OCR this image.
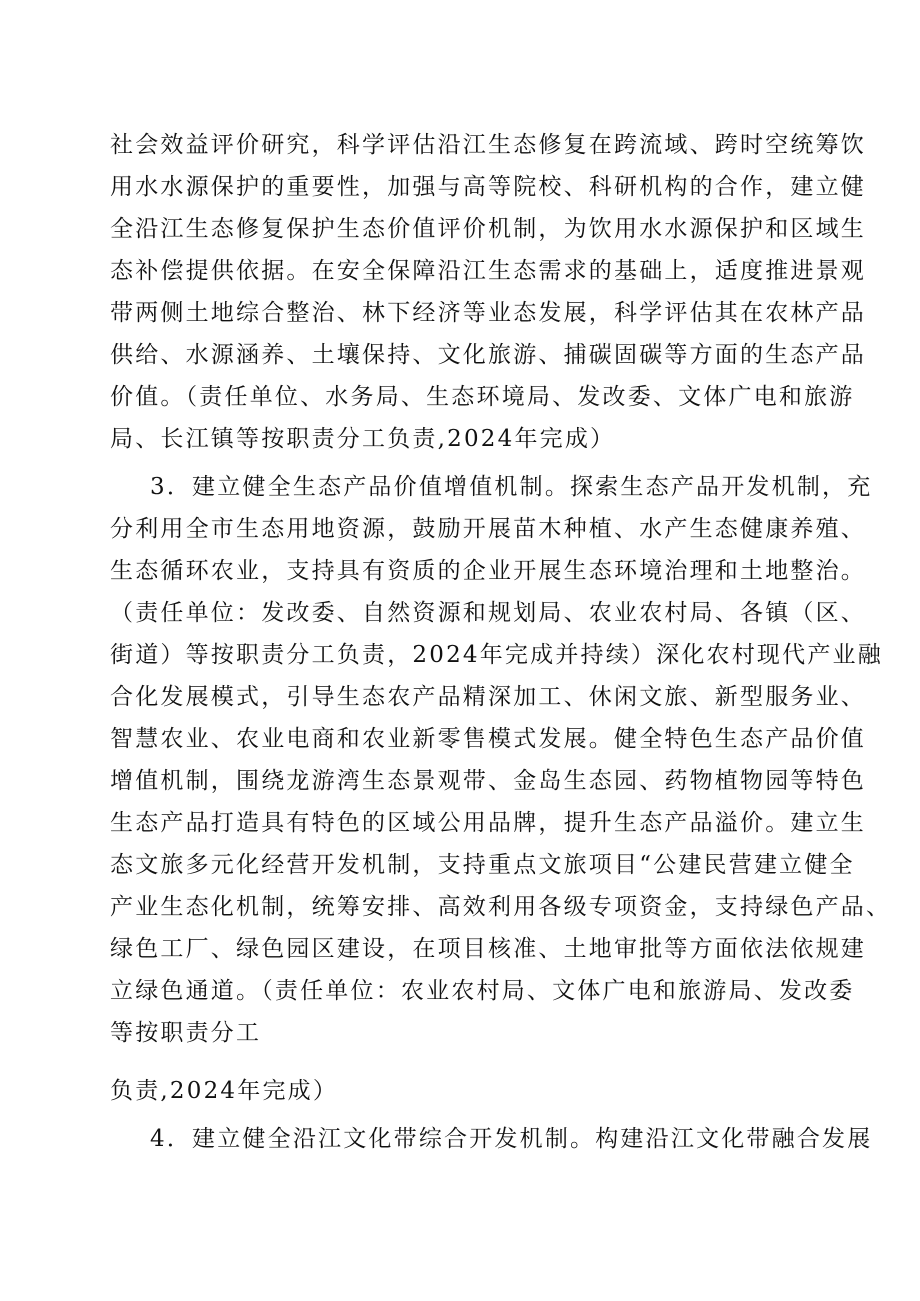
社会效益评价研究，科学评估沿江生态修复在跨流域、跨时空统筹饮
用水水源保护的重要性，加强与高等院校、科研机构的合作，建立健
全沿江生态修复保护生态价值评价机制，为饮用水水源保护和区域生
态补偿提供依据。在安全保障沿江生态需求的基础上，适度推进景观
带两侧土地综合整治、林下经济等业态发展，科学评估其在农林产品
供给、水源涵养、土壤保持、文化旅游、捕碳固碳等方面的生态产品
价值。（责任单位、水务局、生态环境局、发改委、文体广电和旅游
局、长江镇等按职责分工负责,2024年完成）
3．建立健全生态产品价值增值机制。探索生态产品开发机制，充
分利用全市生态用地资源，鼓励开展苗木种植、水产生态健康养殖、
生态循环农业，支持具有资质的企业开展生态环境治理和土地整治。
（责任单位：发改委、自然资源和规划局、农业农村局、各镇（区、
街道）等按职责分工负责，2024年完成并持续）深化农村现代产业融
合化发展模式，引导生态农产品精深加工、休闲文旅、新型服务业、
智慧农业、农业电商和农业新零售模式发展。健全特色生态产品价值
增值机制，围绕龙游湾生态景观带、金岛生态园、药物植物园等特色
生态产品打造具有特色的区域公用品牌，提升生态产品溢价。建立生
态文旅多元化经营开发机制，支持重点文旅项目“公建民营建立健全
产业生态化机制，统筹安排、高效利用各级专项资金，支持绿色产品、
绿色工厂、绿色园区建设，在项目核准、土地审批等方面依法依规建
立绿色通道。（责任单位：农业农村局、文体广电和旅游局、发改委
等按职责分工
负责,2024年完成）
4．建立健全沿江文化带综合开发机制。构建沿江文化带融合发展
